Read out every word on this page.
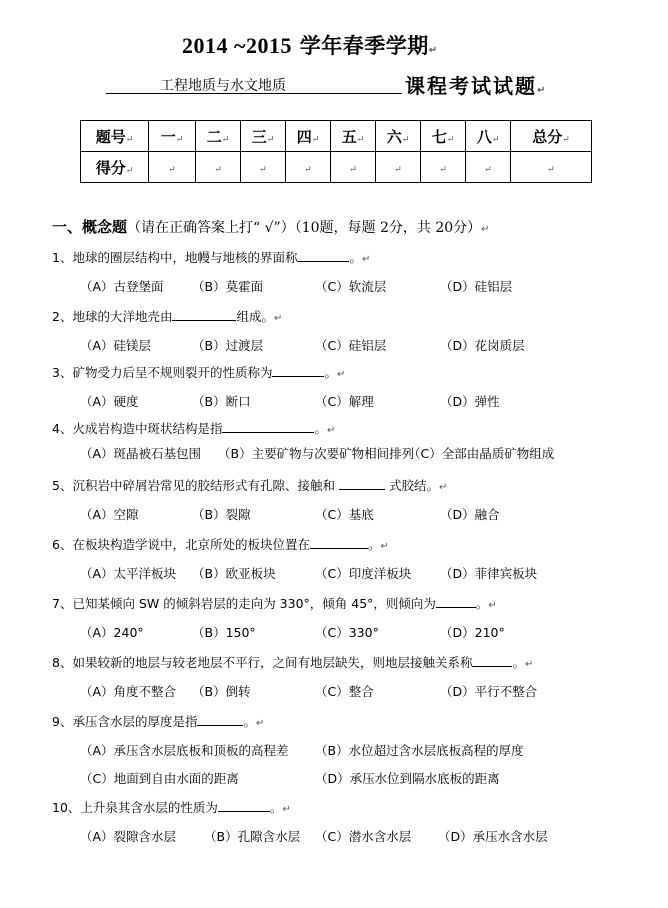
2014 ~2015 学年春季学期↵
工程地质与水文地质	课程考试试题↵
题号↵	一↵	二↵	三↵	四↵	五↵	六↵	七↵	八↵	总分↵
得分↵	↵	↵	↵	↵	↵	↵	↵	↵	↵
一、概念题（请在正确答案上打“ √”）（10题，每题 2分，共 20分）↵
1、地球的圈层结构中，地幔与地核的界面称	。↵
（A）古登堡面 （B）莫霍面	（C）软流层	（D）硅铝层
2、地球的大洋地壳由	组成。↵
（A）硅镁层	（B）过渡层	（C）硅铝层	（D）花岗质层
3、矿物受力后呈不规则裂开的性质称为	。↵
（A）硬度	（B）断口	（C）解理	（D）弹性
4、火成岩构造中斑状结构是指	。↵
（A）斑晶被石基包围 （B）主要矿物与次要矿物相间排列
（C）全部由晶质矿物组成
5、沉积岩中碎屑岩常见的胶结形式有孔隙、接触和	式胶结。↵
（A）空隙	（B）裂隙	（C）基底	（D）融合
6、在板块构造学说中，北京所处的板块位置在	。↵
（A）太平洋板块 （B）欧亚板块	（C）印度洋板块 （D）菲律宾板块
7、已知某倾向 SW 的倾斜岩层的走向为 330°，倾角 45°，则倾向为	。↵
（A）240°	（B）150°	（C）330°	（D）210°
8、如果较新的地层与较老地层不平行，之间有地层缺失，则地层接触关系称	。↵
（A）角度不整合 （B）倒转	（C）整合	（D）平行不整合
9、承压含水层的厚度是指	。↵
（A）承压含水层底板和顶板的高程差 （B）水位超过含水层底板高程的厚度
（C）地面到自由水面的距离	（D）承压水位到隔水底板的距离
10、上升泉其含水层的性质为	。↵
（A）裂隙含水层 （B）孔隙含水层 （C）潜水含水层 （D）承压水含水层
